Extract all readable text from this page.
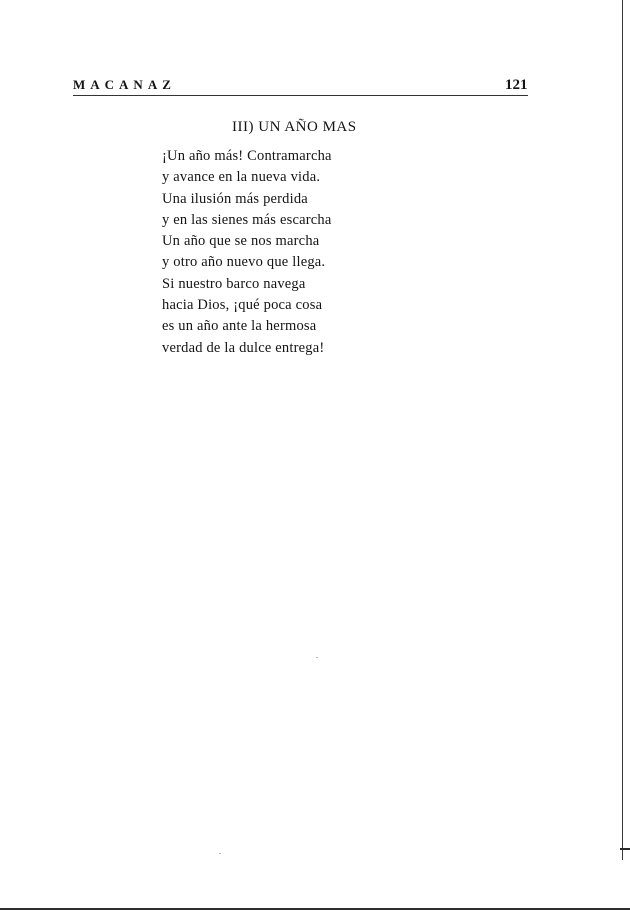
MACANAZ	121
III) UN AÑO MAS
¡Un año más! Contramarcha
y avance en la nueva vida.
Una ilusión más perdida
y en las sienes más escarcha
Un año que se nos marcha
y otro año nuevo que llega.
Si nuestro barco navega
hacia Dios, ¡qué poca cosa
es un año ante la hermosa
verdad de la dulce entrega!
